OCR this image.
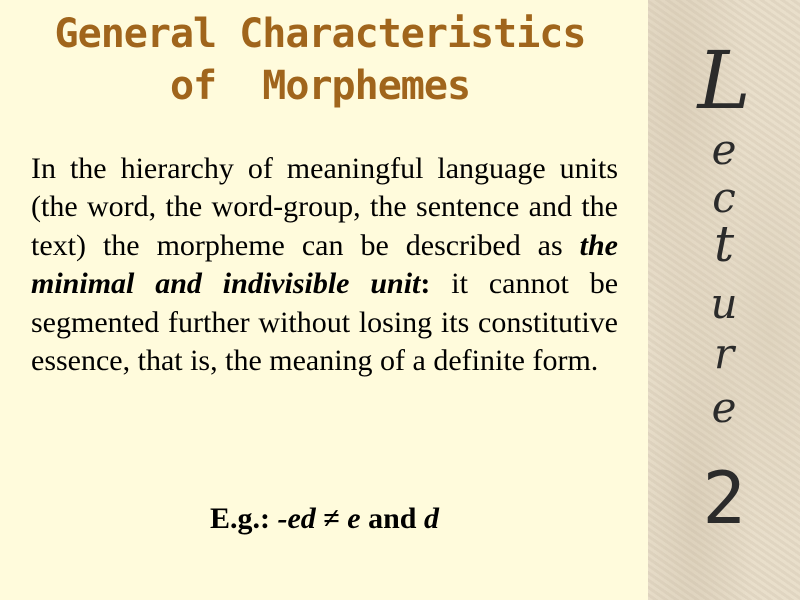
General Characteristics
of  Morphemes
In the hierarchy of meaningful language units (the word, the word-group, the sentence and the text) the morpheme can be described as the minimal and indivisible unit: it cannot be segmented further without losing its constitutive essence, that is, the meaning of a definite form.
E.g.: -ed ≠ e and d
L
e
c
t
u
r
e
2
